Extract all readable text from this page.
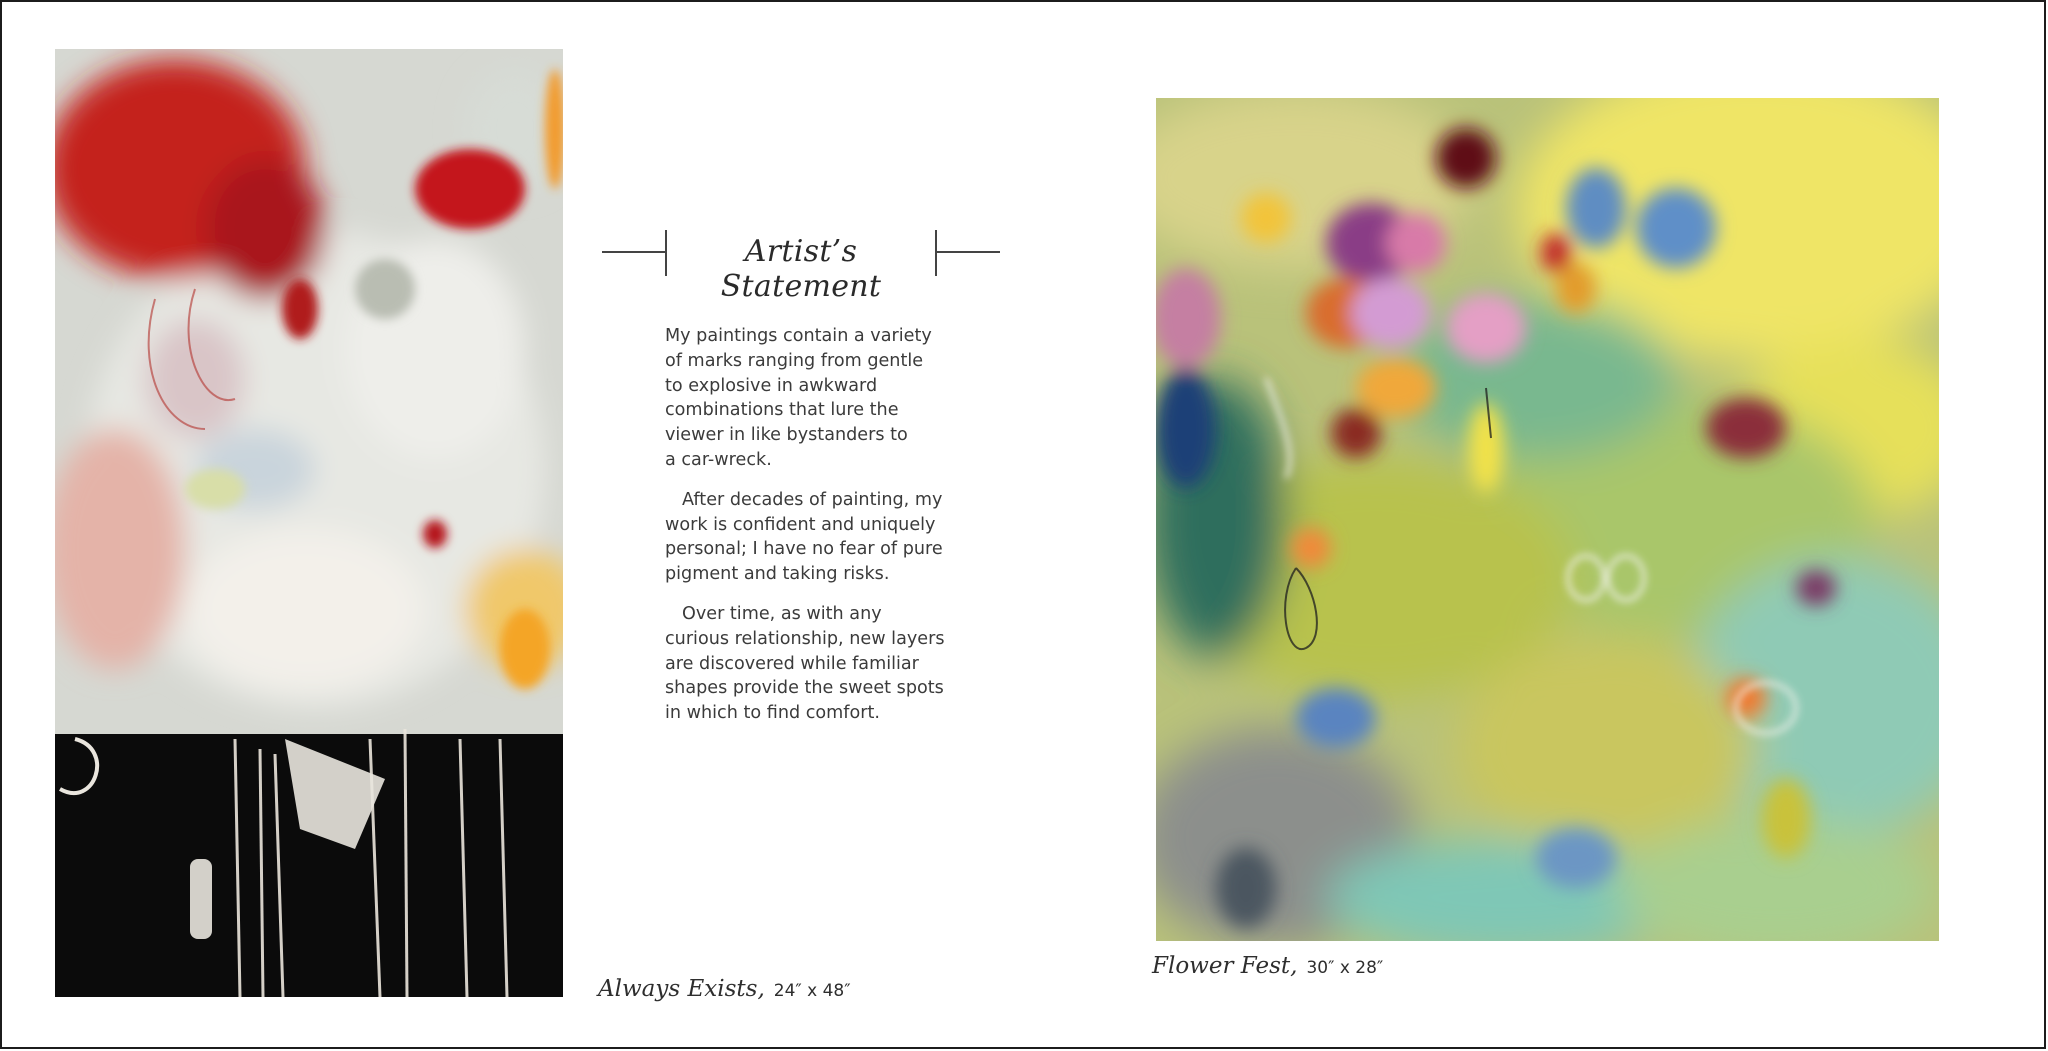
Artist’s Statement

My paintings contain a variety
of marks ranging from gentle
to explosive in awkward
combinations that lure the
viewer in like bystanders to
a car-wreck.

After decades of painting, my
work is confident and uniquely
personal; I have no fear of pure
pigment and taking risks.

Over time, as with any
curious relationship, new layers
are discovered while familiar
shapes provide the sweet spots
in which to find comfort.

Always Exists, 24″ x 48″
Flower Fest, 30″ x 28″
